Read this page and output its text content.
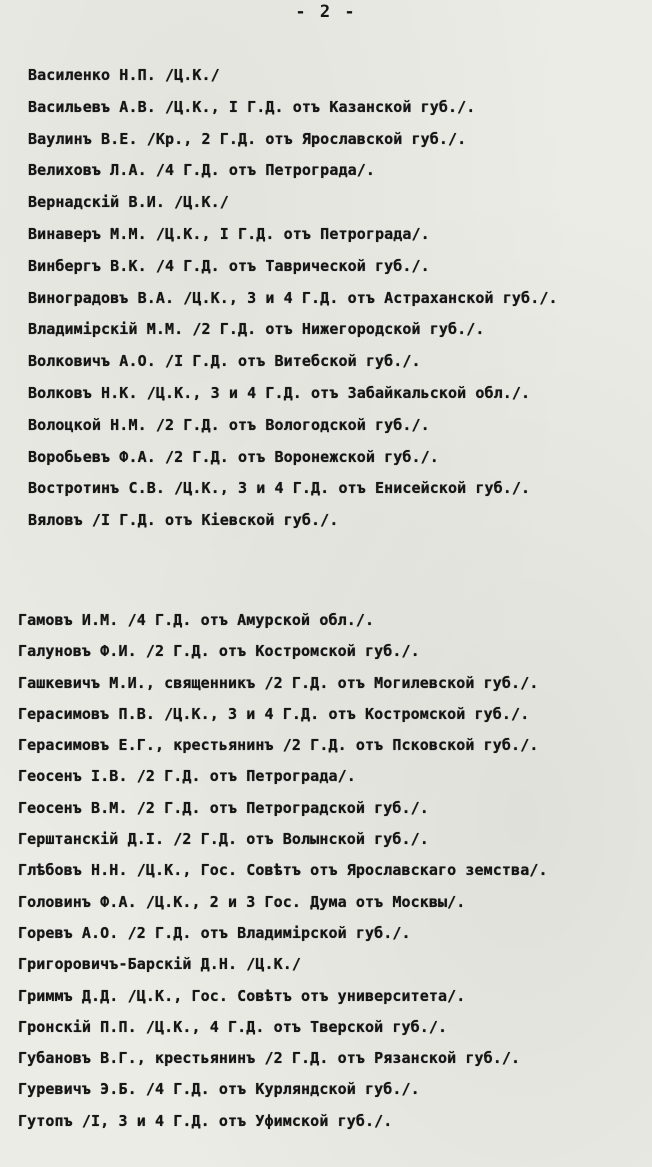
- 2 -
Василенко Н.П. /Ц.К./
Васильевъ А.В. /Ц.К., I Г.Д. отъ Казанской губ./.
Ваулинъ В.Е. /Кр., 2 Г.Д. отъ Ярославской губ./.
Велиховъ Л.А. /4 Г.Д. отъ Петрограда/.
Вернадскій В.И. /Ц.К./
Винаверъ М.М. /Ц.К., I Г.Д. отъ Петрограда/.
Винбергъ В.К. /4 Г.Д. отъ Таврической губ./.
Виноградовъ В.А. /Ц.К., 3 и 4 Г.Д. отъ Астраханской губ./.
Владимірскій М.М. /2 Г.Д. отъ Нижегородской губ./.
Волковичъ А.О. /I Г.Д. отъ Витебской губ./.
Волковъ Н.К. /Ц.К., 3 и 4 Г.Д. отъ Забайкальской обл./.
Волоцкой Н.М. /2 Г.Д. отъ Вологодской губ./.
Воробьевъ Ф.А. /2 Г.Д. отъ Воронежской губ./.
Востротинъ С.В. /Ц.К., 3 и 4 Г.Д. отъ Енисейской губ./.
Вяловъ /I Г.Д. отъ Кіевской губ./.
Гамовъ И.М. /4 Г.Д. отъ Амурской обл./.
Галуновъ Ф.И. /2 Г.Д. отъ Костромской губ./.
Гашкевичъ М.И., священникъ /2 Г.Д. отъ Могилевской губ./.
Герасимовъ П.В. /Ц.К., 3 и 4 Г.Д. отъ Костромской губ./.
Герасимовъ Е.Г., крестьянинъ /2 Г.Д. отъ Псковской губ./.
Геосенъ I.В. /2 Г.Д. отъ Петрограда/.
Геосенъ В.М. /2 Г.Д. отъ Петроградской губ./.
Герштанскій Д.I. /2 Г.Д. отъ Волынской губ./.
Глѣбовъ Н.Н. /Ц.К., Гос. Совѣтъ отъ Ярославскаго земства/.
Головинъ Ф.А. /Ц.К., 2 и 3 Гос. Дума отъ Москвы/.
Горевъ А.О. /2 Г.Д. отъ Владимірской губ./.
Григоровичъ-Барскій Д.Н. /Ц.К./
Гриммъ Д.Д. /Ц.К., Гос. Совѣтъ отъ университета/.
Гронскій П.П. /Ц.К., 4 Г.Д. отъ Тверской губ./.
Губановъ В.Г., крестьянинъ /2 Г.Д. отъ Рязанской губ./.
Гуревичъ Э.Б. /4 Г.Д. отъ Курляндской губ./.
Гутопъ /I, 3 и 4 Г.Д. отъ Уфимской губ./.
